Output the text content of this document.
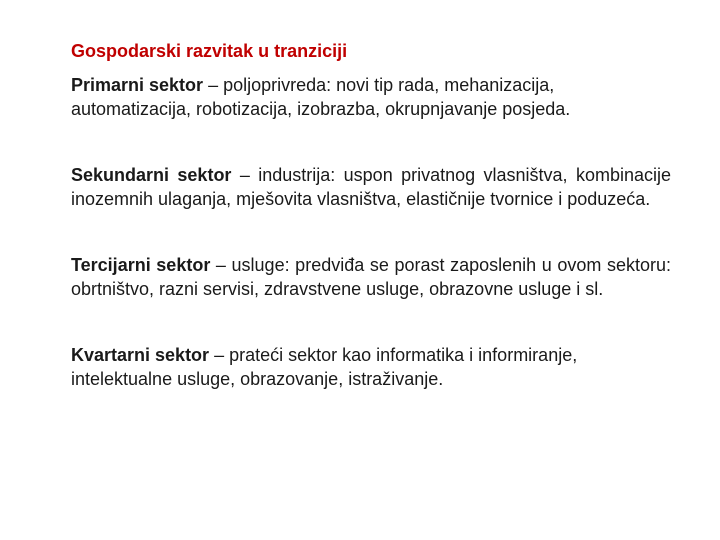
Gospodarski razvitak u tranziciji

Primarni sektor – poljoprivreda: novi tip rada, mehanizacija, automatizacija, robotizacija, izobrazba, okrupnjavanje posjeda.

Sekundarni sektor – industrija: uspon privatnog vlasništva, kombinacije inozemnih ulaganja, mješovita vlasništva, elastičnije tvornice i poduzeća.

Tercijarni sektor – usluge: predviđa se porast zaposlenih u ovom sektoru: obrtništvo, razni servisi, zdravstvene usluge, obrazovne usluge i sl.

Kvartarni sektor – prateći sektor kao informatika i informiranje, intelektualne usluge, obrazovanje, istraživanje.
